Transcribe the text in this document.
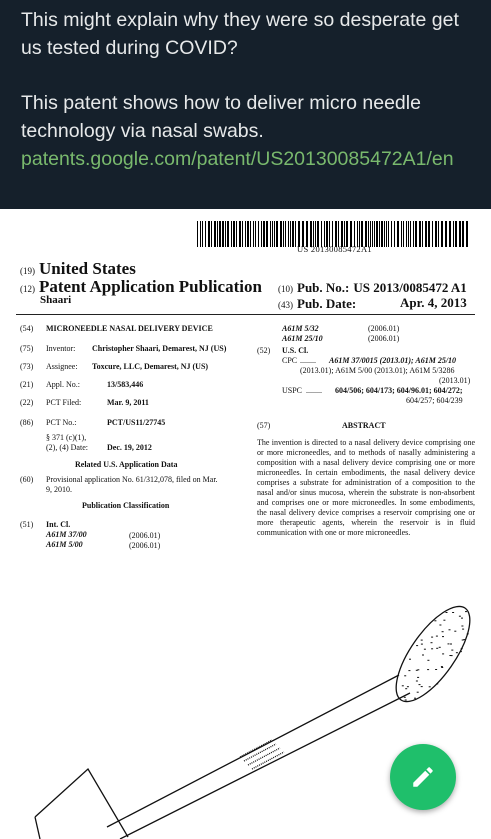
This might explain why they were so desperate get us tested during COVID?

This patent shows how to deliver micro needle technology via nasal swabs.

patents.google.com/patent/US20130085472A1/en
US 20130085472A1
(19) United States
(12) Patent Application Publication
Shaari
(10) Pub. No.: US 2013/0085472 A1
(43) Pub. Date:	Apr. 4, 2013
(54) MICRONEEDLE NASAL DELIVERY DEVICE
(75) Inventor: Christopher Shaari, Demarest, NJ (US)
(73) Assignee: Toxcure, LLC, Demarest, NJ (US)
(21) Appl. No.:	13/583,446
(22) PCT Filed:	Mar. 9, 2011
(86) PCT No.:	PCT/US11/27745
§ 371 (c)(1),
(2), (4) Date: Dec. 19, 2012
Related U.S. Application Data
(60) Provisional application No. 61/312,078, filed on Mar.
9, 2010.
Publication Classification
(51) Int. Cl.
A61M 37/00	(2006.01)
A61M 5/00	(2006.01)
A61M 5/32	(2006.01)
A61M 25/10	(2006.01)
(52) U.S. Cl.
CPC ........ A61M 37/0015 (2013.01); A61M 25/10
(2013.01); A61M 5/00 (2013.01); A61M 5/3286
(2013.01)
USPC ........ 604/506; 604/173; 604/96.01; 604/272;
604/257; 604/239
(57)	ABSTRACT
The invention is directed to a nasal delivery device comprising one or more microneedles, and to methods of nasally administering a composition with a nasal delivery device comprising one or more microneedles. In certain embodiments, the nasal delivery device comprises a substrate for administration of a composition to the nasal and/or sinus mucosa, wherein the substrate is non-absorbent and comprises one or more microneedles. In some embodiments, the nasal delivery device comprises a reservoir comprising one or more therapeutic agents, wherein the reservoir is in fluid communication with one or more microneedles.
